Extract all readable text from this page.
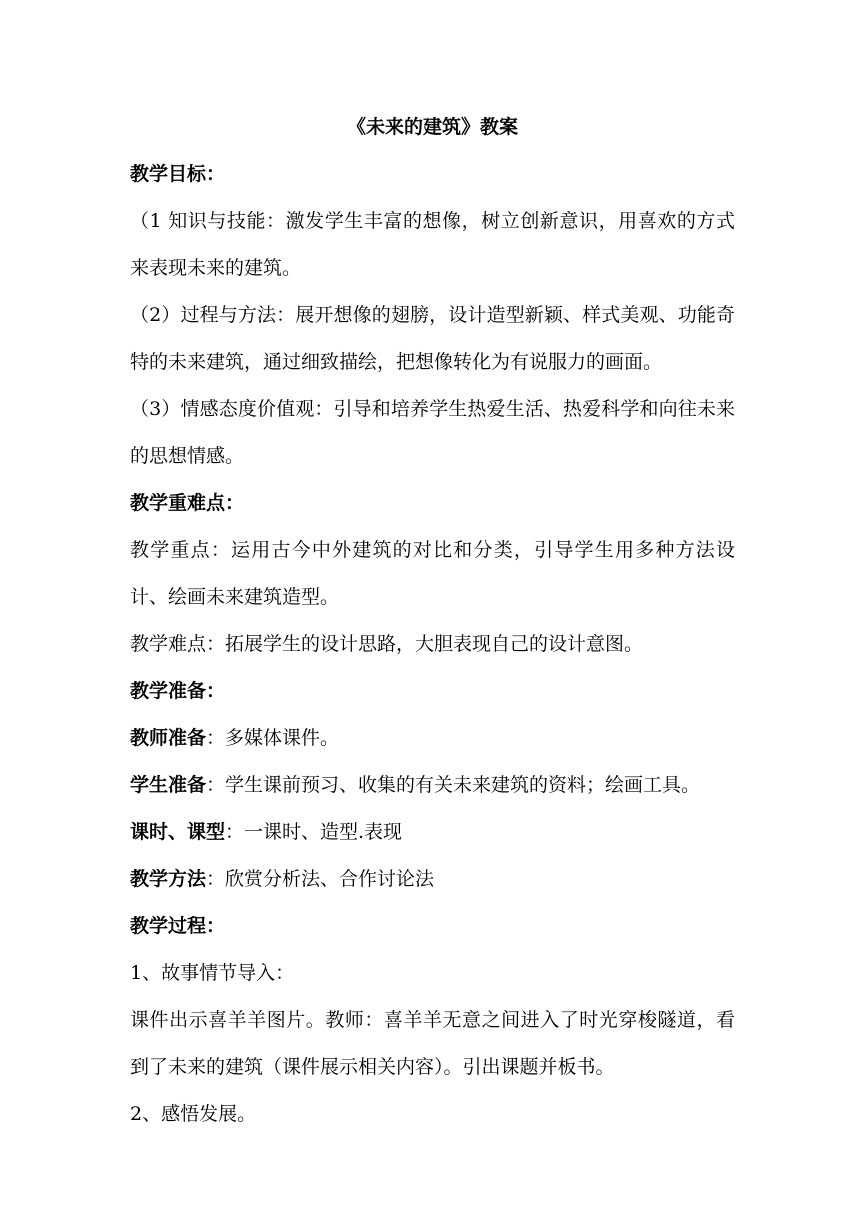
《未来的建筑》教案

教学目标：

（1 知识与技能：激发学生丰富的想像，树立创新意识，用喜欢的方式来表现未来的建筑。

（2）过程与方法：展开想像的翅膀，设计造型新颖、样式美观、功能奇特的未来建筑，通过细致描绘，把想像转化为有说服力的画面。

（3）情感态度价值观：引导和培养学生热爱生活、热爱科学和向往未来的思想情感。

教学重难点：

教学重点：运用古今中外建筑的对比和分类，引导学生用多种方法设计、绘画未来建筑造型。

教学难点：拓展学生的设计思路，大胆表现自己的设计意图。

教学准备：

教师准备：多媒体课件。

学生准备：学生课前预习、收集的有关未来建筑的资料；绘画工具。

课时、课型：一课时、造型.表现

教学方法：欣赏分析法、合作讨论法

教学过程：

1、故事情节导入：

课件出示喜羊羊图片。教师：喜羊羊无意之间进入了时光穿梭隧道，看到了未来的建筑（课件展示相关内容）。引出课题并板书。

2、感悟发展。
